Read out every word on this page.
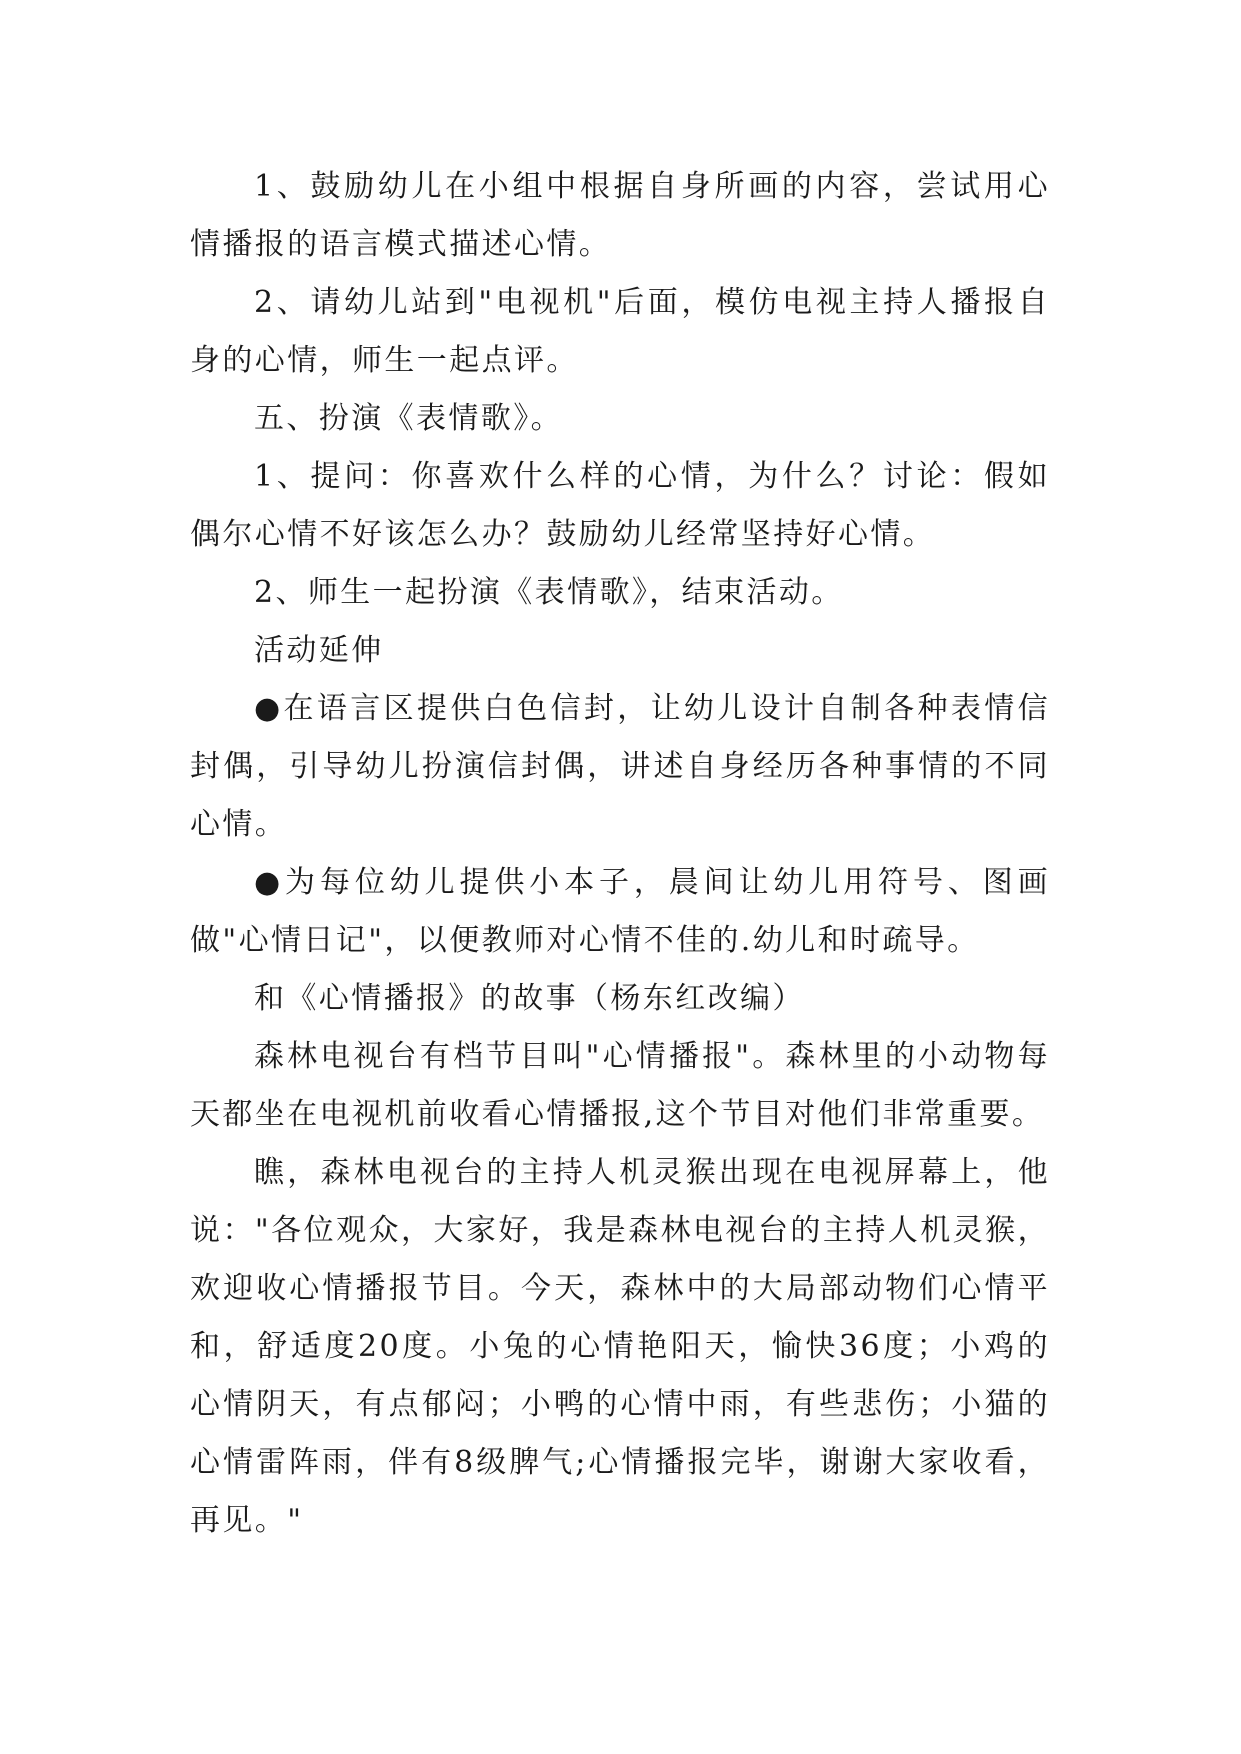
1、鼓励幼儿在小组中根据自身所画的内容，尝试用心情播报的语言模式描述心情。

2、请幼儿站到"电视机"后面，模仿电视主持人播报自身的心情，师生一起点评。

五、扮演《表情歌》。

1、提问：你喜欢什么样的心情，为什么？讨论：假如偶尔心情不好该怎么办？鼓励幼儿经常坚持好心情。

2、师生一起扮演《表情歌》，结束活动。

活动延伸

●在语言区提供白色信封，让幼儿设计自制各种表情信封偶，引导幼儿扮演信封偶，讲述自身经历各种事情的不同心情。

●为每位幼儿提供小本子，晨间让幼儿用符号、图画做"心情日记"，以便教师对心情不佳的.幼儿和时疏导。

和《心情播报》的故事（杨东红改编）

森林电视台有档节目叫"心情播报"。森林里的小动物每天都坐在电视机前收看心情播报,这个节目对他们非常重要。

瞧，森林电视台的主持人机灵猴出现在电视屏幕上，他说："各位观众，大家好，我是森林电视台的主持人机灵猴，欢迎收心情播报节目。今天，森林中的大局部动物们心情平和，舒适度20度。小兔的心情艳阳天，愉快36度；小鸡的心情阴天，有点郁闷；小鸭的心情中雨，有些悲伤；小猫的心情雷阵雨，伴有8级脾气;心情播报完毕，谢谢大家收看，再见。"
